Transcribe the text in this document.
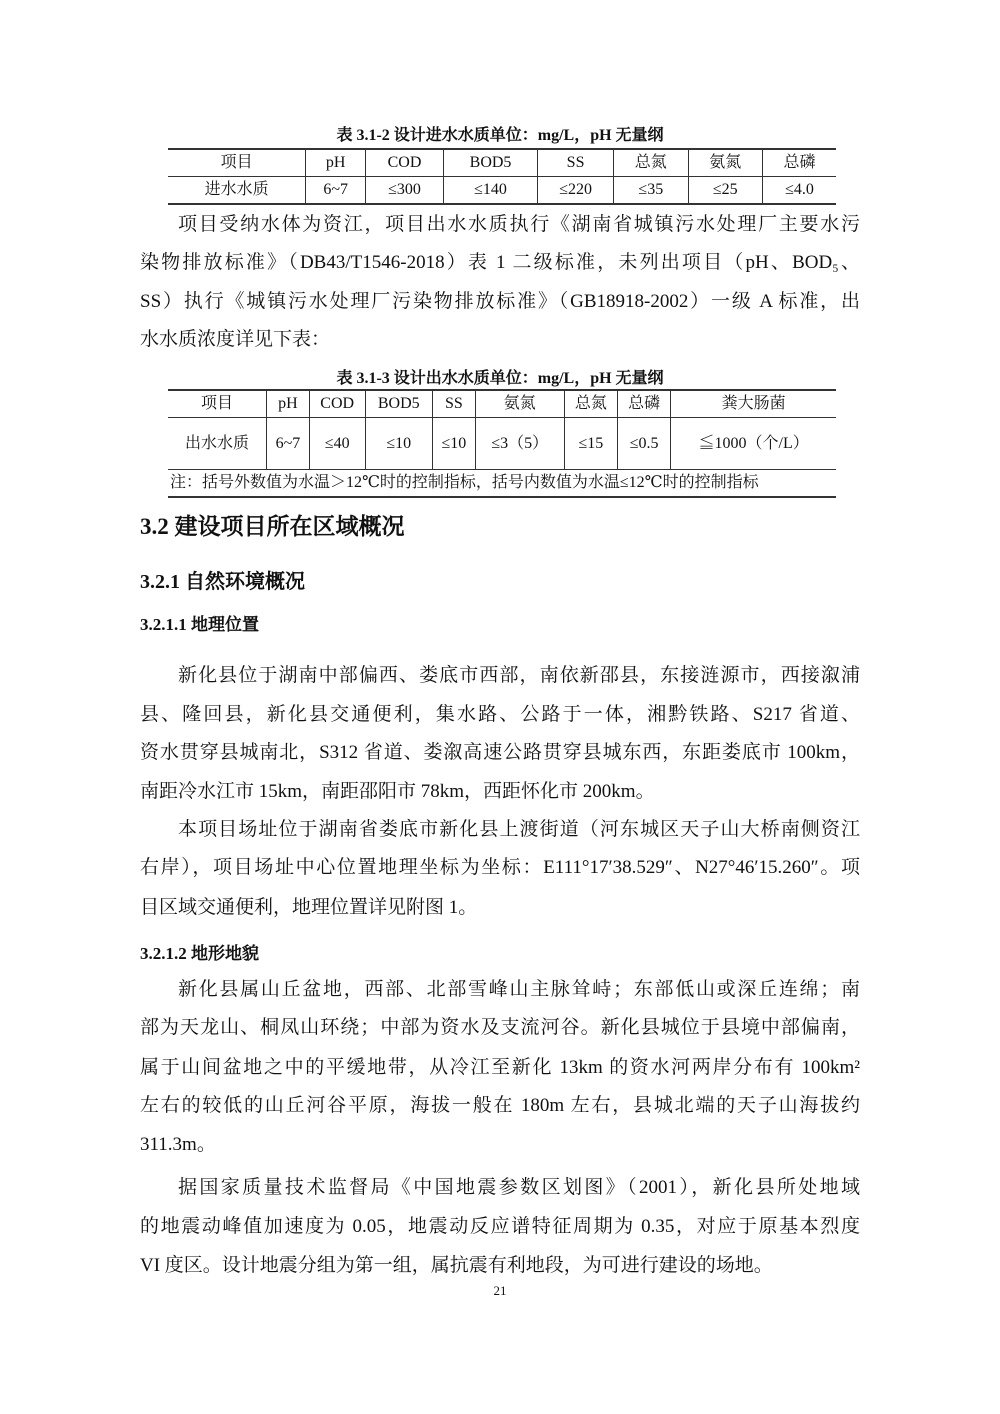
表 3.1-2 设计进水水质单位：mg/L，pH 无量纲
项目	pH	COD	BOD5	SS	总氮	氨氮	总磷
进水水质	6~7	≤300	≤140	≤220	≤35	≤25	≤4.0
项目受纳水体为资江，项目出水水质执行《湖南省城镇污水处理厂主要水污
染物排放标准》（DB43/T1546-2018）表 1 二级标准，未列出项目（pH、BOD₅、
SS）执行《城镇污水处理厂污染物排放标准》（GB18918-2002）一级 A 标准，出
水水质浓度详见下表：
表 3.1-3 设计出水水质单位：mg/L，pH 无量纲
项目	pH	COD	BOD5	SS	氨氮	总氮	总磷	粪大肠菌
出水水质	6~7	≤40	≤10	≤10	≤3（5）	≤15	≤0.5	≦1000（个/L）
注：括号外数值为水温＞12℃时的控制指标，括号内数值为水温≤12℃时的控制指标								
3.2 建设项目所在区域概况
3.2.1 自然环境概况
3.2.1.1 地理位置
新化县位于湖南中部偏西、娄底市西部，南依新邵县，东接涟源市，西接溆浦
县、隆回县，新化县交通便利，集水路、公路于一体，湘黔铁路、S217 省道、
资水贯穿县城南北，S312 省道、娄溆高速公路贯穿县城东西，东距娄底市 100km，
南距冷水江市 15km，南距邵阳市 78km，西距怀化市 200km。
本项目场址位于湖南省娄底市新化县上渡街道（河东城区天子山大桥南侧资江
右岸），项目场址中心位置地理坐标为坐标：E111°17′38.529″、N27°46′15.260″。项
目区域交通便利，地理位置详见附图 1。
3.2.1.2 地形地貌
新化县属山丘盆地，西部、北部雪峰山主脉耸峙；东部低山或深丘连绵；南
部为天龙山、桐凤山环绕；中部为资水及支流河谷。新化县城位于县境中部偏南，
属于山间盆地之中的平缓地带，从冷江至新化 13km 的资水河两岸分布有 100km²
左右的较低的山丘河谷平原，海拔一般在 180m 左右，县城北端的天子山海拔约
311.3m。
据国家质量技术监督局《中国地震参数区划图》（2001），新化县所处地域
的地震动峰值加速度为 0.05，地震动反应谱特征周期为 0.35，对应于原基本烈度
VI 度区。设计地震分组为第一组，属抗震有利地段，为可进行建设的场地。
21
